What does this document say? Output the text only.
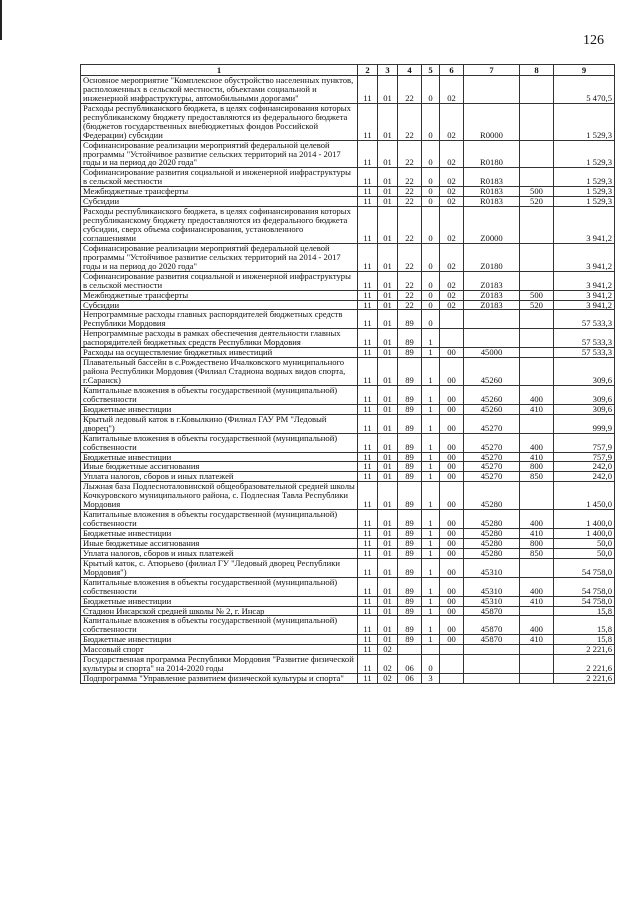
126
1	2	3	4	5	6	7	8	9
Основное мероприятие "Комплексное обустройство населенных пунктов, расположенных в сельской местности, объектами социальной и инженерной инфраструктуры, автомобильными дорогами"	11	01	22	0	02			5 470,5
Расходы республиканского бюджета, в целях софинансирования которых республиканскому бюджету предоставляются из федерального бюджета (бюджетов государственных внебюджетных фондов Российской Федерации) субсидии	11	01	22	0	02	R0000		1 529,3
Софинансирование реализации мероприятий федеральной целевой программы "Устойчивое развитие сельских территорий на 2014 - 2017 годы и на период до 2020 года"	11	01	22	0	02	R0180		1 529,3
Софинансирование развития социальной и инженерной инфраструктуры в сельской местности	11	01	22	0	02	R0183		1 529,3
Межбюджетные трансферты	11	01	22	0	02	R0183	500	1 529,3
Субсидии	11	01	22	0	02	R0183	520	1 529,3
Расходы республиканского бюджета, в целях софинансирования которых республиканскому бюджету предоставляются из федерального бюджета субсидии, сверх объема софинансирования, установленного соглашениями	11	01	22	0	02	Z0000		3 941,2
Софинансирование реализации мероприятий федеральной целевой программы "Устойчивое развитие сельских территорий на 2014 - 2017 годы и на период до 2020 года"	11	01	22	0	02	Z0180		3 941,2
Софинансирование развития социальной и инженерной инфраструктуры в сельской местности	11	01	22	0	02	Z0183		3 941,2
Межбюджетные трансферты	11	01	22	0	02	Z0183	500	3 941,2
Субсидии	11	01	22	0	02	Z0183	520	3 941,2
Непрограммные расходы главных распорядителей бюджетных средств Республики Мордовия	11	01	89	0				57 533,3
Непрограммные расходы в рамках обеспечения деятельности главных распорядителей бюджетных средств Республики Мордовия	11	01	89	1				57 533,3
Расходы на осуществление бюджетных инвестиций	11	01	89	1	00	45000		57 533,3
Плавательный бассейн в с.Рождествено Ичалковского муниципального района Республики Мордовия (Филиал Стадиона водных видов спорта, г.Саранск)	11	01	89	1	00	45260		309,6
Капитальные вложения в объекты государственной (муниципальной) собственности	11	01	89	1	00	45260	400	309,6
Бюджетные инвестиции	11	01	89	1	00	45260	410	309,6
Крытый ледовый каток в г.Ковылкино (Филиал ГАУ РМ "Ледовый дворец")	11	01	89	1	00	45270		999,9
Капитальные вложения в объекты государственной (муниципальной) собственности	11	01	89	1	00	45270	400	757,9
Бюджетные инвестиции	11	01	89	1	00	45270	410	757,9
Иные бюджетные ассигнования	11	01	89	1	00	45270	800	242,0
Уплата налогов, сборов и иных платежей	11	01	89	1	00	45270	850	242,0
Лыжная база Подлесноталовинской общеобразовательной средней школы Кочкуровского муниципального района, с. Подлесная Тавла Республики Мордовия	11	01	89	1	00	45280		1 450,0
Капитальные вложения в объекты государственной (муниципальной) собственности	11	01	89	1	00	45280	400	1 400,0
Бюджетные инвестиции	11	01	89	1	00	45280	410	1 400,0
Иные бюджетные ассигнования	11	01	89	1	00	45280	800	50,0
Уплата налогов, сборов и иных платежей	11	01	89	1	00	45280	850	50,0
Крытый каток, с. Атюрьево (филиал ГУ "Ледовый дворец Республики Мордовия")	11	01	89	1	00	45310		54 758,0
Капитальные вложения в объекты государственной (муниципальной) собственности	11	01	89	1	00	45310	400	54 758,0
Бюджетные инвестиции	11	01	89	1	00	45310	410	54 758,0
Стадион Инсарской средней школы № 2, г. Инсар	11	01	89	1	00	45870		15,8
Капитальные вложения в объекты государственной (муниципальной) собственности	11	01	89	1	00	45870	400	15,8
Бюджетные инвестиции	11	01	89	1	00	45870	410	15,8
Массовый спорт	11	02						2 221,6
Государственная программа Республики Мордовия "Развитие физической культуры и спорта" на 2014-2020 годы	11	02	06	0				2 221,6
Подпрограмма "Управление развитием физической культуры и спорта"	11	02	06	3				2 221,6
